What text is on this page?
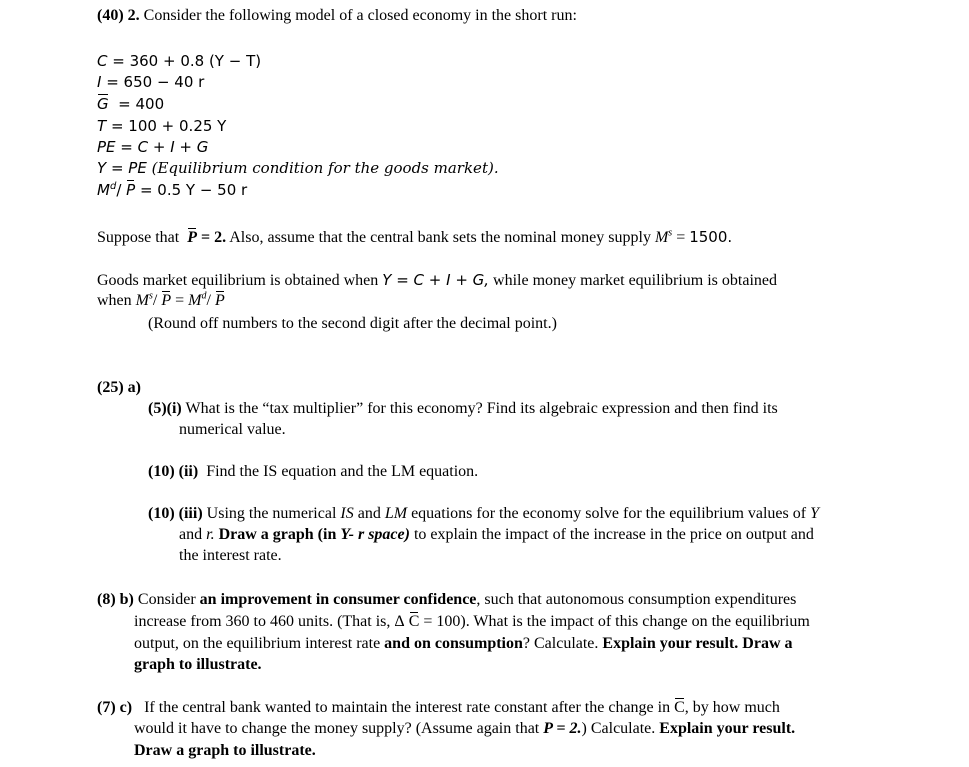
(40) 2. Consider the following model of a closed economy in the short run:
C = 360 + 0.8 (Y − T)
I = 650 − 40 r
G  = 400
T = 100 + 0.25 Y
PE = C + I + G
Y = PE (Equilibrium condition for the goods market).
$M^d/$ P = 0.5 Y − 50 r
Suppose that P = 2. Also, assume that the central bank sets the nominal money supply $M^s = 1500$.
Goods market equilibrium is obtained when Y = C + I + G, while money market equilibrium is obtained
when $M^s/$ $P = M^d/$ P
(Round off numbers to the second digit after the decimal point.)
(25) a)
(5)(i) What is the “tax multiplier” for this economy? Find its algebraic expression and then find its
numerical value.
(10) (ii) Find the IS equation and the LM equation.
(10) (iii) Using the numerical IS and LM equations for the economy solve for the equilibrium values of Y
and r. Draw a graph (in Y- r space) to explain the impact of the increase in the price on output and
the interest rate.
(8) b) Consider an improvement in consumer confidence, such that autonomous consumption expenditures
increase from 360 to 460 units. (That is, Δ C = 100). What is the impact of this change on the equilibrium
output, on the equilibrium interest rate and on consumption? Calculate. Explain your result. Draw a
graph to illustrate.
(7) c) If the central bank wanted to maintain the interest rate constant after the change in C, by how much
would it have to change the money supply? (Assume again that P = 2.) Calculate. Explain your result.
Draw a graph to illustrate.
